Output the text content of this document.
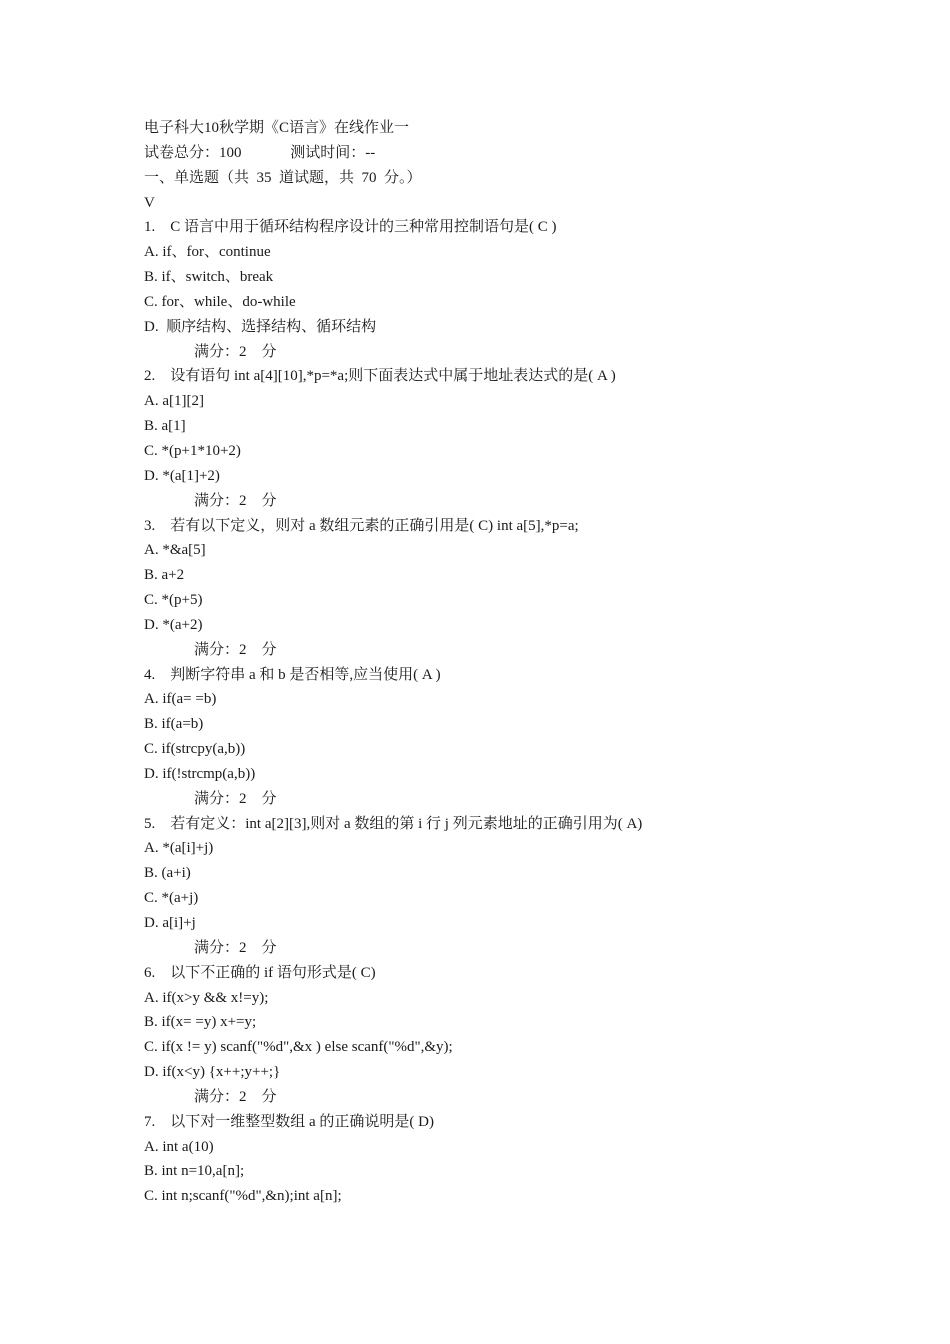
电子科大10秋学期《C语言》在线作业一
试卷总分：100             测试时间：--
一、单选题（共  35  道试题，共  70  分。）
V
1.    C 语言中用于循环结构程序设计的三种常用控制语句是( C )
A. if、for、continue
B. if、switch、break
C. for、while、do-while
D.  顺序结构、选择结构、循环结构
满分：2    分
2.    设有语句 int a[4][10],*p=*a;则下面表达式中属于地址表达式的是( A )
A. a[1][2]
B. a[1]
C. *(p+1*10+2)
D. *(a[1]+2)
满分：2    分
3.    若有以下定义，则对 a 数组元素的正确引用是( C) int a[5],*p=a;
A. *&a[5]
B. a+2
C. *(p+5)
D. *(a+2)
满分：2    分
4.    判断字符串 a 和 b 是否相等,应当使用( A )
A. if(a= =b)
B. if(a=b)
C. if(strcpy(a,b))
D. if(!strcmp(a,b))
满分：2    分
5.    若有定义：int a[2][3],则对 a 数组的第 i 行 j 列元素地址的正确引用为( A)
A. *(a[i]+j)
B. (a+i)
C. *(a+j)
D. a[i]+j
满分：2    分
6.    以下不正确的 if 语句形式是( C)
A. if(x>y && x!=y);
B. if(x= =y) x+=y;
C. if(x != y) scanf("%d",&x ) else scanf("%d",&y);
D. if(x<y) {x++;y++;}
满分：2    分
7.    以下对一维整型数组 a 的正确说明是( D)
A. int a(10)
B. int n=10,a[n];
C. int n;scanf("%d",&n);int a[n];
